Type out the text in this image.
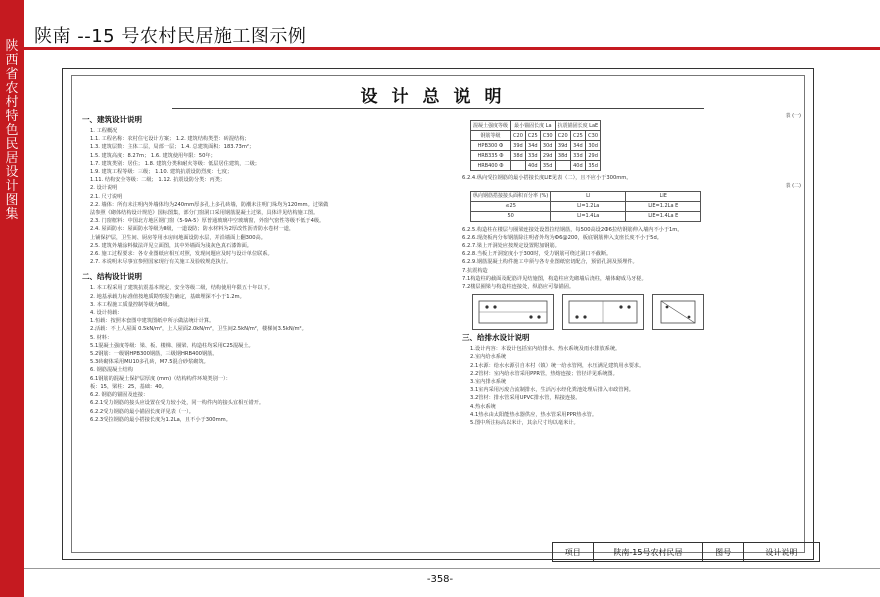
陕西省农村特色民居设计图集
陕南 --15 号农村民居施工图示例
设计总说明
一、建筑设计说明
1. 工程概况
1.1. 工程名称：农村住宅设计方案； 1.2. 建筑结构类型：砖混结构；
1.3. 建筑层数：主体二层，局部一层； 1.4. 总建筑面积：183.73m²；
1.5. 建筑高度：8.27m； 1.6. 建筑使用年限：50年；
1.7. 建筑类别：居住； 1.8. 建筑分类和耐火等级：低层居住建筑，二级；
1.9. 建筑工程等级：三级； 1.10. 建筑抗震设防烈度：七度；
1.11. 结构安全等级：二级； 1.12. 抗震设防分类：丙类；
2. 设计说明
2.1. 尺寸说明
2.2. 墙体：所有未注明内外墙体均为240mm厚多孔上多孔砖墙，防潮未注明门垛均为120mm。过梁做
法参照《砌体结构设计规范》国标图集，部分门窗洞口采用钢筋混凝土过梁，具体详见结构施工图。
2.3. 门窗框料：中国北方地区钢门窗（5-9A-5）厚普通玻璃中空玻璃窗，外窗气密性等级不低于4级。
2.4. 屋面防水：屋面防水等级为Ⅱ级，一道设防；防水材料为2厚改性沥青防水卷材一道，
上铺保护层，卫生间、厨房等用水房间地面设防水层，并沿墙面上翻300高。
2.5. 建筑外墙涂料做法详见立面图，其中外墙面为浅灰色真石漆饰面。
2.6. 施工过程要求：各专业图纸应相互对照，发现问题应及时与设计单位联系。
2.7. 本说明未尽事宜参照国家现行有关施工及验收规范执行。
二、结构设计说明
1. 本工程采用了建筑抗震基本规定，安全等级二级，结构使用年限五十年以下。
2. 地基承载力标准值按地质勘察报告确定，基础埋深不小于1.2m。
3. 本工程施工质量控制等级为B级。
4. 设计荷载：
1.恒载：按照本套图中建筑图纸中所示做法统计计算。
2.活载：不上人屋面 0.5kN/m²，上人屋面2.0kN/m²，卫生间2.5kN/m²，楼梯间3.5kN/m²。
5. 材料：
5.1混凝土强度等级：梁、板、楼梯、圈梁、构造柱均采用C25混凝土。
5.2钢筋：一级钢HPB300钢筋，三级钢HRB400钢筋。
5.3砖砌体采用MU10多孔砖，M7.5混合砂浆砌筑。
6. 钢筋混凝土结构
6.1钢筋的混凝土保护层厚度 (mm)（结构构件环境类别一）：
板：15，梁柱：25，基础：40。
6.2. 钢筋的锚固及连接：
6.2.1受力钢筋的接头应设置在受力较小处，同一构件内的接头宜相互错开。
6.2.2受力钢筋的最小锚固长度详见表（一）。
6.2.3受拉钢筋的最小搭接长度为1.2La，且不小于300mm。
表 (一)
混凝土强度等级	最小锚固长度 La			抗震锚固长度 LaE		
钢筋等级	C20	C25	C30	C20	C25	C30
HPB300 Ф	39d	34d	30d	39d	34d	30d
HRB335 Ф	38d	33d	29d	38d	33d	29d
HRB400 Ф		40d	35d		40d	35d
6.2.4.纵向受拉钢筋的最小搭接长度LlE见表（二），且不应小于300mm。
表 (二)
纵向钢筋搭接接头面积百分率 (%)	Ll	LlE
≤25	Ll=1.2La	LlE=1.2La E
50	Ll=1.4La	LlE=1.4La E
6.2.5.构造柱在楼层与圈梁连接处设置拉结钢筋，每500高设2Ф6拉结钢筋伸入墙内不小于1m。
6.2.6.现浇板内分布钢筋除注明者外均为Ф6@200，板底钢筋伸入支座长度不小于5d。
6.2.7.梁上开洞处应按规定设置附加钢筋。
6.2.8.当板上开洞宽度小于300时，受力钢筋可绕过洞口不截断。
6.2.9.钢筋混凝土构件施工中须与各专业图纸密切配合，预留孔洞及预埋件。
7.抗震构造
7.1构造柱的截面及配筋详见结施图，构造柱应先砌墙后浇柱，墙体砌成马牙槎。
7.2楼层圈梁与构造柱连接处，纵筋应可靠锚固。
三、给排水设计说明
1.设计内容：本设计包括室内给排水、热水系统及雨水排放系统。
2.室内给水系统
2.1水源：给水水源引自本村（镇）统一给水管网，水压满足建筑用水要求。
2.2管材：室内给水管采用PPR管，热熔连接；管径详见系统图。
3.室内排水系统
3.1室内采用污废合流制排水，生活污水经化粪池处理后排入市政管网。
3.2管材：排水管采用UPVC排水管，粘接连接。
4.热水系统
4.1热水由太阳能热水器供应，热水管采用PPR热水管。
5.图中所注标高以米计，其余尺寸均以毫米计。
项目	陕南-15号农村民居	图号	设计说明
-358-
